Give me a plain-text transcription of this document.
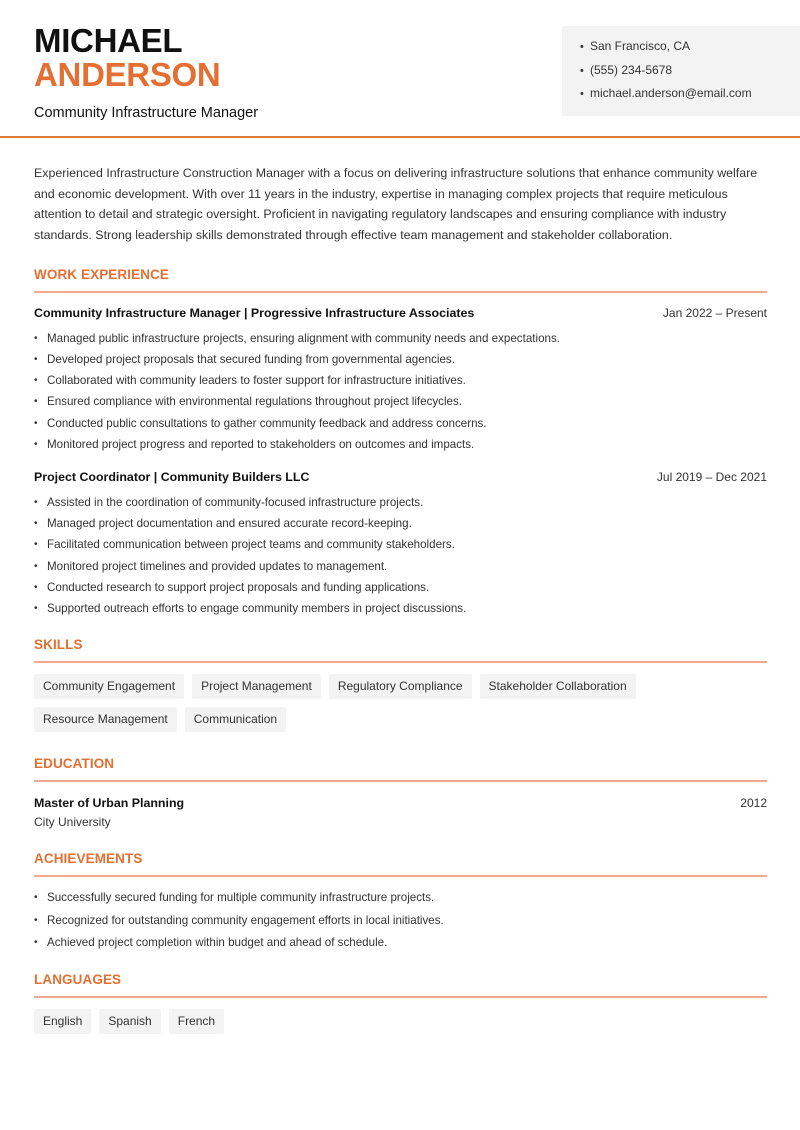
MICHAEL
ANDERSON
Community Infrastructure Manager
•
San Francisco, CA
•
(555) 234-5678
•
michael.anderson@email.com

Experienced Infrastructure Construction Manager with a focus on delivering infrastructure solutions that enhance community welfare and economic development. With over 11 years in the industry, expertise in managing complex projects that require meticulous attention to detail and strategic oversight. Proficient in navigating regulatory landscapes and ensuring compliance with industry standards. Strong leadership skills demonstrated through effective team management and stakeholder collaboration.

WORK EXPERIENCE
Community Infrastructure Manager | Progressive Infrastructure Associates	Jan 2022 – Present
• Managed public infrastructure projects, ensuring alignment with community needs and expectations.
• Developed project proposals that secured funding from governmental agencies.
• Collaborated with community leaders to foster support for infrastructure initiatives.
• Ensured compliance with environmental regulations throughout project lifecycles.
• Conducted public consultations to gather community feedback and address concerns.
• Monitored project progress and reported to stakeholders on outcomes and impacts.
Project Coordinator | Community Builders LLC	Jul 2019 – Dec 2021
• Assisted in the coordination of community-focused infrastructure projects.
• Managed project documentation and ensured accurate record-keeping.
• Facilitated communication between project teams and community stakeholders.
• Monitored project timelines and provided updates to management.
• Conducted research to support project proposals and funding applications.
• Supported outreach efforts to engage community members in project discussions.
SKILLS
Community Engagement	Project Management	Regulatory Compliance	Stakeholder Collaboration
Resource Management	Communication
EDUCATION
Master of Urban Planning	2012
City University
ACHIEVEMENTS
• Successfully secured funding for multiple community infrastructure projects.
• Recognized for outstanding community engagement efforts in local initiatives.
• Achieved project completion within budget and ahead of schedule.
LANGUAGES
English	Spanish	French
